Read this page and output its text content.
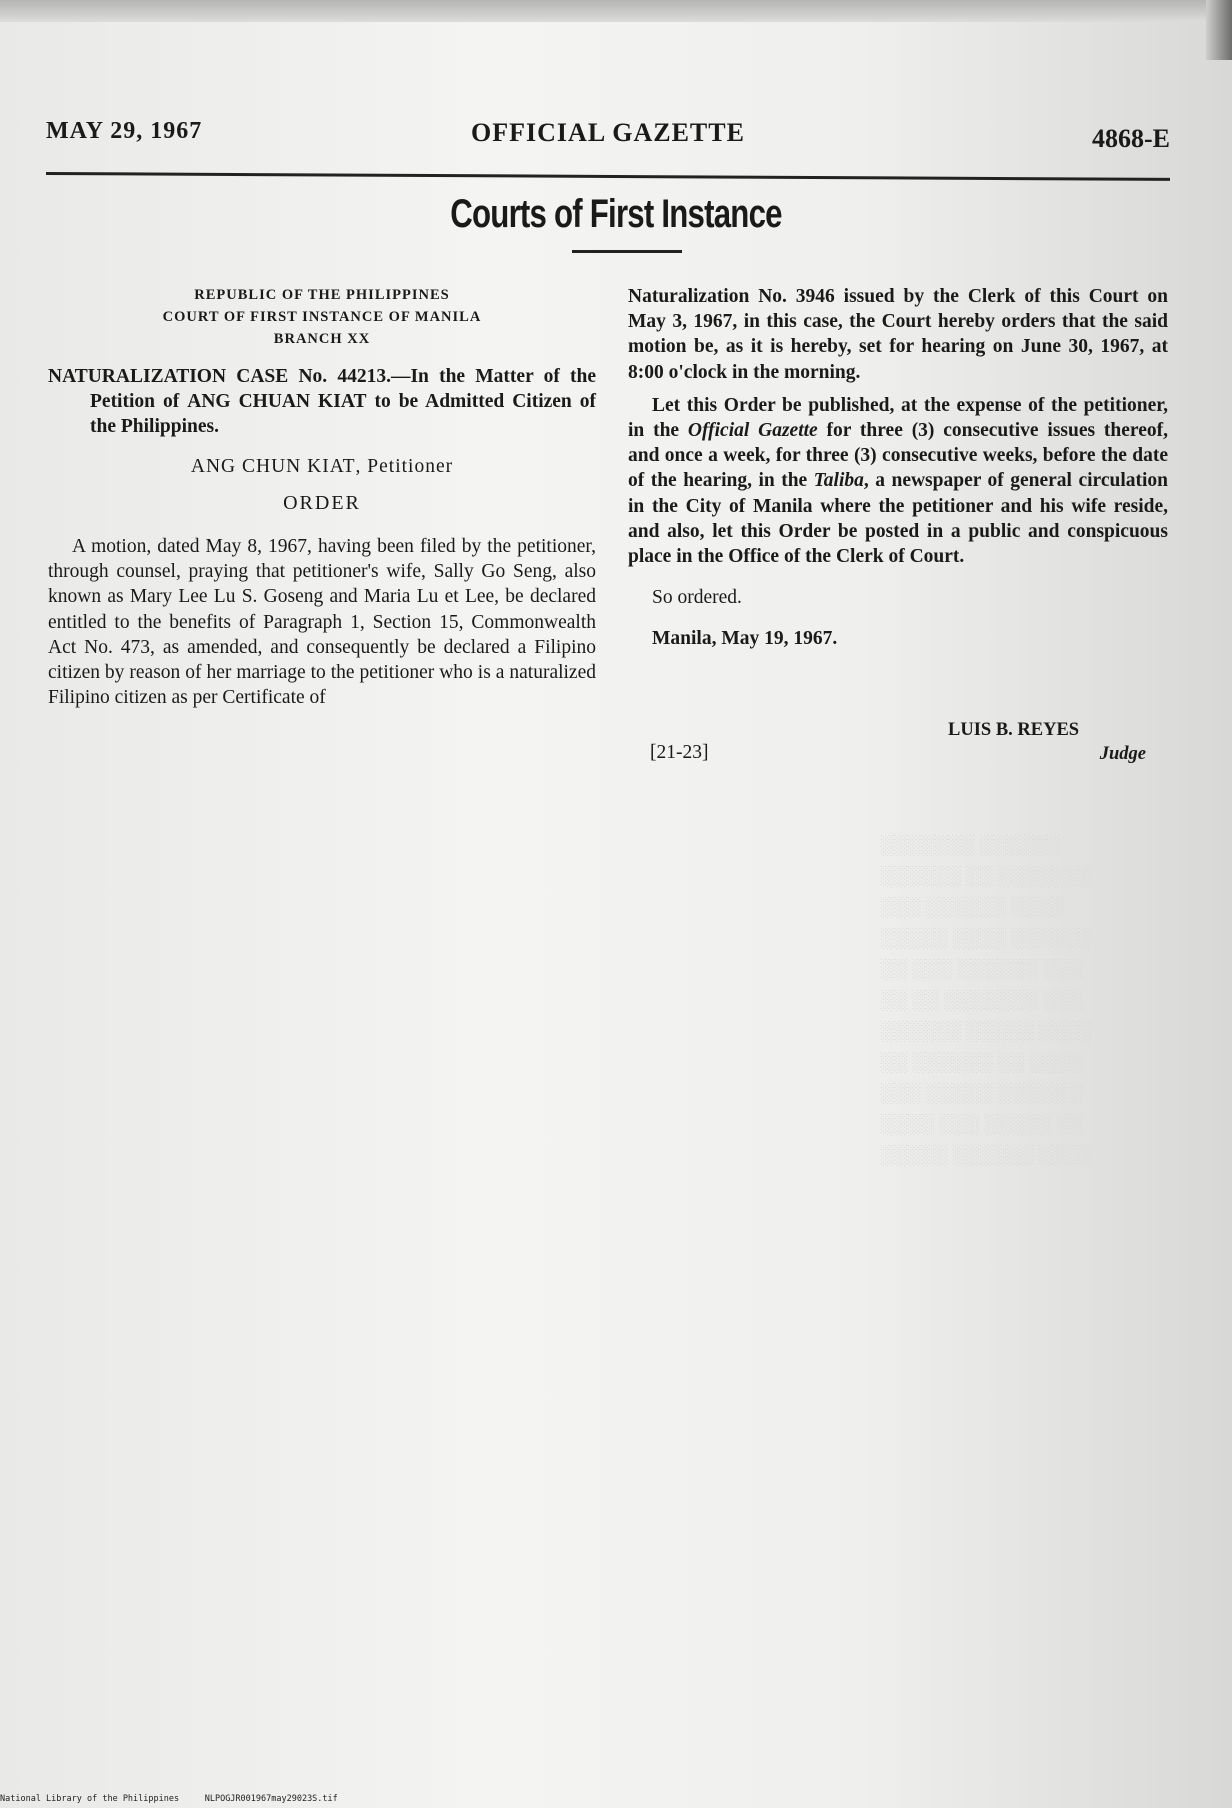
░░░░░░░ ░░░░░░
░░░░░░ ░░ ░░░░░░░
░░░ ░░░░░░ ░░░░
░░░░░ ░░░░ ░░░░░░
░░ ░░░ ░░░░░░ ░░░
░░ ░░ ░░░░░░░ ░░░
░░░░░░ ░░░░░ ░░░░
░░ ░░░░░░ ░░ ░░░░
░░░ ░░░░░ ░░░░░ ░
░░░░ ░░░ ░░░░░ ░░
░░░░░ ░░░░░░ ░░░░
MAY 29, 1967	OFFICIAL GAZETTE	4868-E
Courts of First Instance
REPUBLIC OF THE PHILIPPINES
COURT OF FIRST INSTANCE OF MANILA
BRANCH XX
NATURALIZATION CASE No. 44213.—In the Matter of the Petition of ANG CHUAN KIAT to be Admitted Citizen of the Philippines.
ANG CHUN KIAT, Petitioner
ORDER

A motion, dated May 8, 1967, having been filed by the petitioner, through counsel, praying that petitioner's wife, Sally Go Seng, also known as Mary Lee Lu S. Goseng and Maria Lu et Lee, be declared entitled to the benefits of Paragraph 1, Section 15, Commonwealth Act No. 473, as amended, and consequently be declared a Filipino citizen by reason of her marriage to the petitioner who is a naturalized Filipino citizen as per Certificate of

Naturalization No. 3946 issued by the Clerk of this Court on May 3, 1967, in this case, the Court hereby orders that the said motion be, as it is hereby, set for hearing on June 30, 1967, at 8:00 o'clock in the morning.

Let this Order be published, at the expense of the petitioner, in the Official Gazette for three (3) consecutive issues thereof, and once a week, for three (3) consecutive weeks, before the date of the hearing, in the Taliba, a newspaper of general circulation in the City of Manila where the petitioner and his wife reside, and also, let this Order be posted in a public and conspicuous place in the Office of the Clerk of Court.

So ordered.

Manila, May 19, 1967.

LUIS B. REYES
Judge
[21-23]
National Library of the Philippines	NLPOGJR001967may29023S.tif
